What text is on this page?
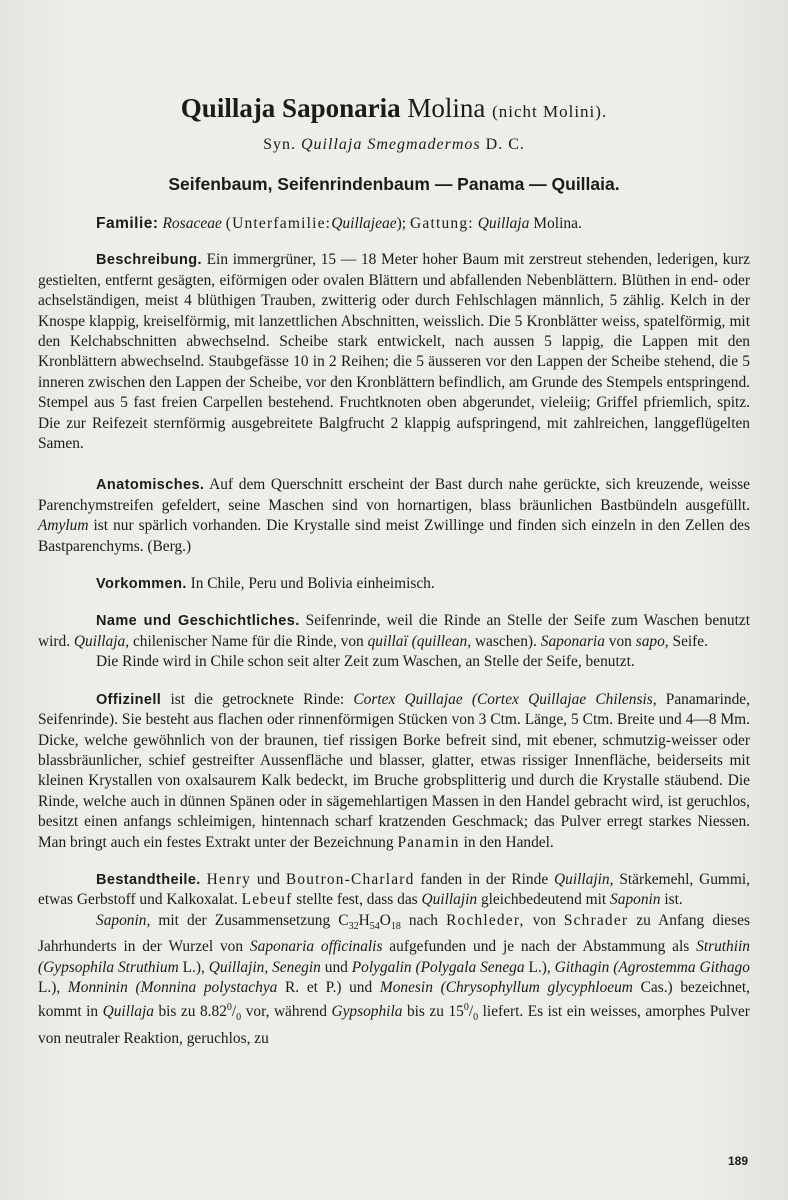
Quillaja Saponaria Molina (nicht Molini).
Syn. Quillaja Smegmadermos D. C.
Seifenbaum, Seifenrindenbaum — Panama — Quillaia.
Familie: Rosaceae (Unterfamilie:Quillajeae); Gattung: Quillaja Molina.

Beschreibung. Ein immergrüner, 15 — 18 Meter hoher Baum mit zerstreut stehenden, lederigen, kurz gestielten, entfernt gesägten, eiförmigen oder ovalen Blättern und abfallenden Nebenblättern. Blüthen in end- oder achselständigen, meist 4 blüthigen Trauben, zwitterig oder durch Fehlschlagen männlich, 5 zählig. Kelch in der Knospe klappig, kreiselförmig, mit lanzettlichen Abschnitten, weisslich. Die 5 Kronblätter weiss, spatelförmig, mit den Kelchabschnitten abwechselnd. Scheibe stark entwickelt, nach aussen 5 lappig, die Lappen mit den Kronblättern abwechselnd. Staubgefässe 10 in 2 Reihen; die 5 äusseren vor den Lappen der Scheibe stehend, die 5 inneren zwischen den Lappen der Scheibe, vor den Kronblättern befindlich, am Grunde des Stempels entspringend. Stempel aus 5 fast freien Carpellen bestehend. Fruchtknoten oben abgerundet, vieleiig; Griffel pfriemlich, spitz. Die zur Reifezeit sternförmig ausgebreitete Balgfrucht 2 klappig aufspringend, mit zahlreichen, langgeflügelten Samen.

Anatomisches. Auf dem Querschnitt erscheint der Bast durch nahe gerückte, sich kreuzende, weisse Parenchymstreifen gefeldert, seine Maschen sind von hornartigen, blass bräunlichen Bastbündeln ausgefüllt. Amylum ist nur spärlich vorhanden. Die Krystalle sind meist Zwillinge und finden sich einzeln in den Zellen des Bastparenchyms. (Berg.)

Vorkommen. In Chile, Peru und Bolivia einheimisch.

Name und Geschichtliches. Seifenrinde, weil die Rinde an Stelle der Seife zum Waschen benutzt wird. Quillaja, chilenischer Name für die Rinde, von quillaï (quillean, waschen). Saponaria von sapo, Seife.

Die Rinde wird in Chile schon seit alter Zeit zum Waschen, an Stelle der Seife, benutzt.

Offizinell ist die getrocknete Rinde: Cortex Quillajae (Cortex Quillajae Chilensis, Panamarinde, Seifenrinde). Sie besteht aus flachen oder rinnenförmigen Stücken von 3 Ctm. Länge, 5 Ctm. Breite und 4—8 Mm. Dicke, welche gewöhnlich von der braunen, tief rissigen Borke befreit sind, mit ebener, schmutzig-weisser oder blassbräunlicher, schief gestreifter Aussenfläche und blasser, glatter, etwas rissiger Innenfläche, beiderseits mit kleinen Krystallen von oxalsaurem Kalk bedeckt, im Bruche grobsplitterig und durch die Krystalle stäubend. Die Rinde, welche auch in dünnen Spänen oder in sägemehlartigen Massen in den Handel gebracht wird, ist geruchlos, besitzt einen anfangs schleimigen, hintennach scharf kratzenden Geschmack; das Pulver erregt starkes Niessen. Man bringt auch ein festes Extrakt unter der Bezeichnung Panamin in den Handel.

Bestandtheile. Henry und Boutron-Charlard fanden in der Rinde Quillajin, Stärkemehl, Gummi, etwas Gerbstoff und Kalkoxalat. Lebeuf stellte fest, dass das Quillajin gleichbedeutend mit Saponin ist.

Saponin, mit der Zusammensetzung $C_{32}H_{54}O_{18}$ nach Rochleder, von Schrader zu Anfang dieses Jahrhunderts in der Wurzel von Saponaria officinalis aufgefunden und je nach der Abstammung als Struthiin (Gypsophila Struthium L.), Quillajin, Senegin und Polygalin (Polygala Senega L.), Githagin (Agrostemma Githago L.), Monninin (Monnina polystachya R. et P.) und Monesin (Chrysophyllum glycyphloeum Cas.) bezeichnet, kommt in Quillaja bis zu $8.82^0/_0$ vor, während Gypsophila bis zu $15^0/_0$ liefert. Es ist ein weisses, amorphes Pulver von neutraler Reaktion, geruchlos, zu

189
